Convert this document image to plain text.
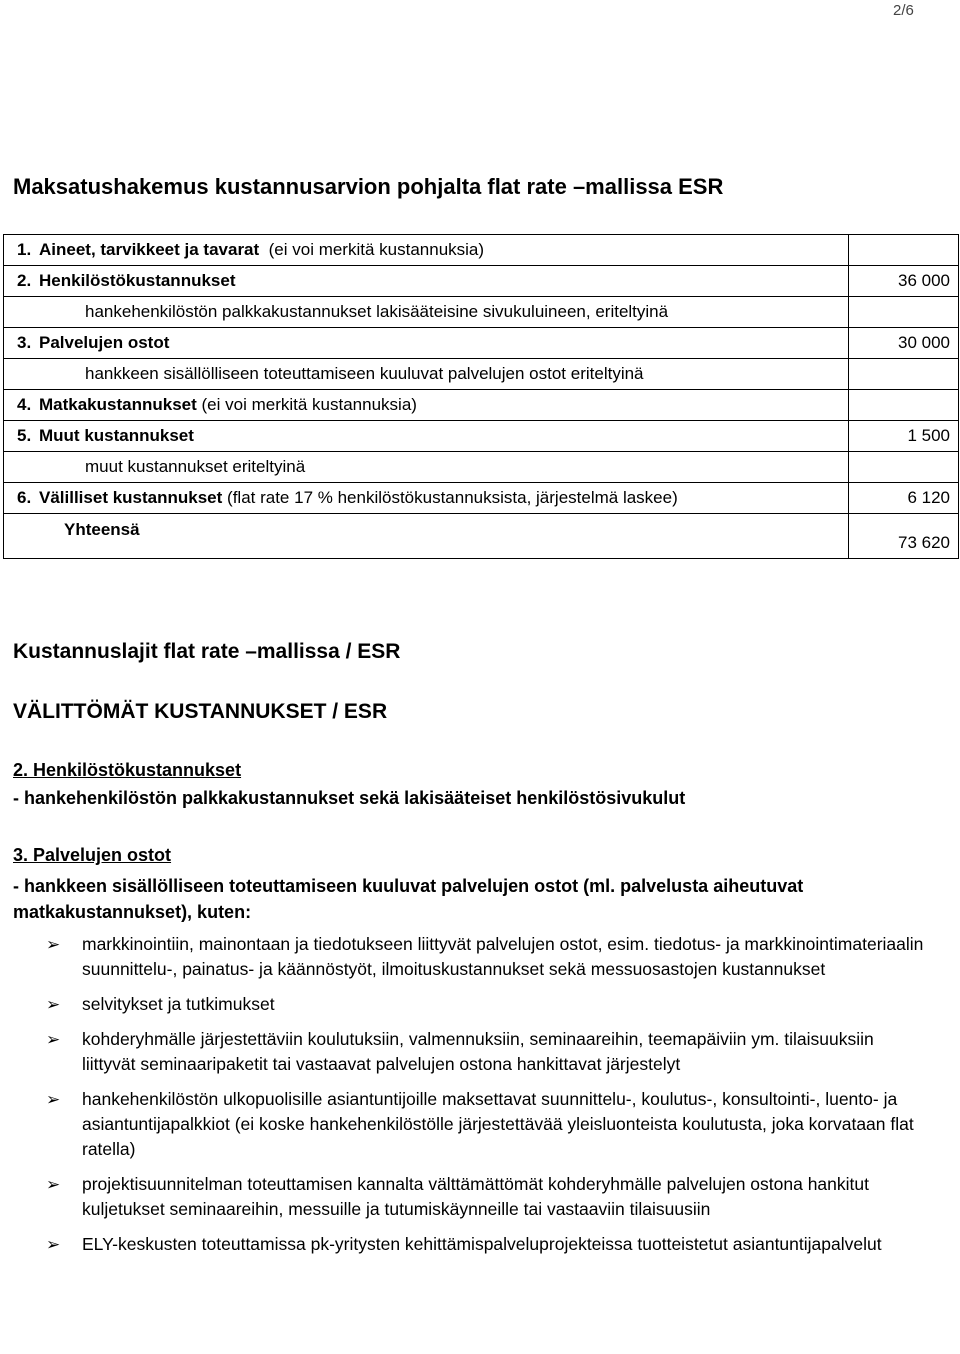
2/6
Maksatushakemus kustannusarvion pohjalta flat rate –mallissa ESR
1. Aineet, tarvikkeet ja tavarat (ei voi merkitä kustannuksia)	
2. Henkilöstökustannukset	36 000
hankehenkilöstön palkkakustannukset lakisääteisine sivukuluineen, eriteltyinä	
3. Palvelujen ostot	30 000
hankkeen sisällölliseen toteuttamiseen kuuluvat palvelujen ostot eriteltyinä	
4. Matkakustannukset (ei voi merkitä kustannuksia)	
5. Muut kustannukset	1 500
muut kustannukset eriteltyinä	
6. Välilliset kustannukset (flat rate 17 % henkilöstökustannuksista, järjestelmä laskee)	6 120
Yhteensä	73 620
Kustannuslajit flat rate –mallissa / ESR
VÄLITTÖMÄT KUSTANNUKSET / ESR
2. Henkilöstökustannukset
- hankehenkilöstön palkkakustannukset sekä lakisääteiset henkilöstösivukulut
3. Palvelujen ostot
- hankkeen sisällölliseen toteuttamiseen kuuluvat palvelujen ostot (ml. palvelusta aiheutuvat matkakustannukset), kuten:
➢ markkinointiin, mainontaan ja tiedotukseen liittyvät palvelujen ostot, esim. tiedotus- ja markkinointimateriaalin suunnittelu-, painatus- ja käännöstyöt, ilmoituskustannukset sekä messuosastojen kustannukset
➢ selvitykset ja tutkimukset
➢ kohderyhmälle järjestettäviin koulutuksiin, valmennuksiin, seminaareihin, teemapäiviin ym. tilaisuuksiin liittyvät seminaaripaketit tai vastaavat palvelujen ostona hankittavat järjestelyt
➢ hankehenkilöstön ulkopuolisille asiantuntijoille maksettavat suunnittelu-, koulutus-, konsultointi-, luento- ja asiantuntijapalkkiot (ei koske hankehenkilöstölle järjestettävää yleisluonteista koulutusta, joka korvataan flat ratella)
➢ projektisuunnitelman toteuttamisen kannalta välttämättömät kohderyhmälle palvelujen ostona hankitut kuljetukset seminaareihin, messuille ja tutumiskäynneille tai vastaaviin tilaisuusiin
➢ ELY-keskusten toteuttamissa pk-yritysten kehittämispalveluprojekteissa tuotteistetut asiantuntijapalvelut
